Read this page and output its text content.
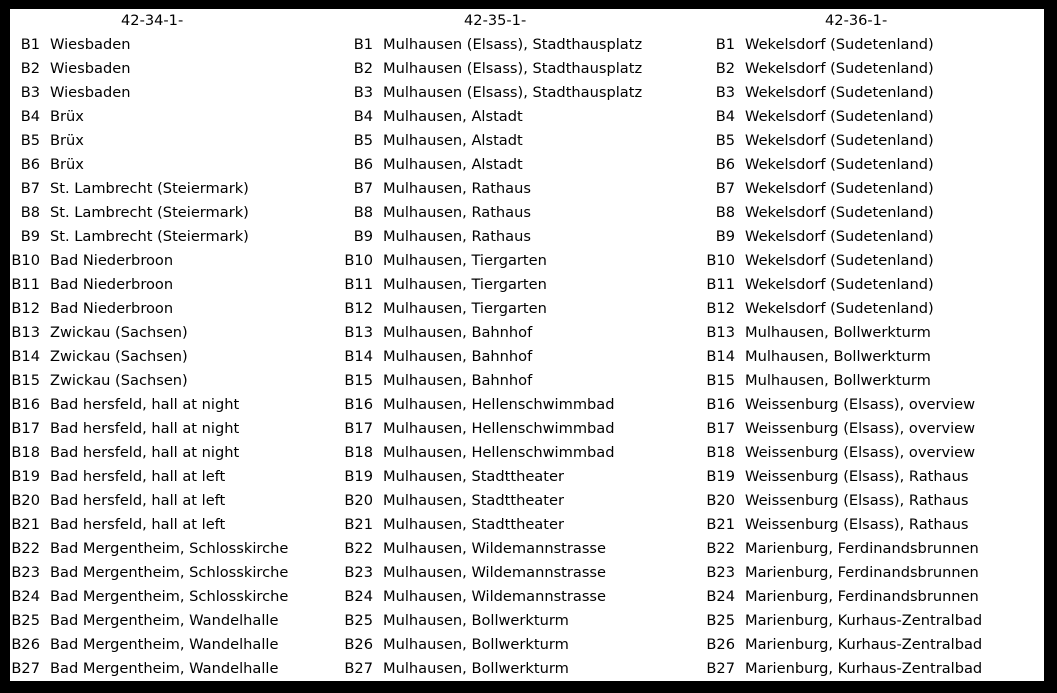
42-34-1-
B1 Wiesbaden
B2 Wiesbaden
B3 Wiesbaden
B4 Brüx
B5 Brüx
B6 Brüx
B7 St. Lambrecht (Steiermark)
B8 St. Lambrecht (Steiermark)
B9 St. Lambrecht (Steiermark)
B10 Bad Niederbroon
B11 Bad Niederbroon
B12 Bad Niederbroon
B13 Zwickau (Sachsen)
B14 Zwickau (Sachsen)
B15 Zwickau (Sachsen)
B16 Bad hersfeld, hall at night
B17 Bad hersfeld, hall at night
B18 Bad hersfeld, hall at night
B19 Bad hersfeld, hall at left
B20 Bad hersfeld, hall at left
B21 Bad hersfeld, hall at left
B22 Bad Mergentheim, Schlosskirche
B23 Bad Mergentheim, Schlosskirche
B24 Bad Mergentheim, Schlosskirche
B25 Bad Mergentheim, Wandelhalle
B26 Bad Mergentheim, Wandelhalle
B27 Bad Mergentheim, Wandelhalle
42-35-1-
B1 Mulhausen (Elsass), Stadthausplatz
B2 Mulhausen (Elsass), Stadthausplatz
B3 Mulhausen (Elsass), Stadthausplatz
B4 Mulhausen, Alstadt
B5 Mulhausen, Alstadt
B6 Mulhausen, Alstadt
B7 Mulhausen, Rathaus
B8 Mulhausen, Rathaus
B9 Mulhausen, Rathaus
B10 Mulhausen, Tiergarten
B11 Mulhausen, Tiergarten
B12 Mulhausen, Tiergarten
B13 Mulhausen, Bahnhof
B14 Mulhausen, Bahnhof
B15 Mulhausen, Bahnhof
B16 Mulhausen, Hellenschwimmbad
B17 Mulhausen, Hellenschwimmbad
B18 Mulhausen, Hellenschwimmbad
B19 Mulhausen, Stadttheater
B20 Mulhausen, Stadttheater
B21 Mulhausen, Stadttheater
B22 Mulhausen, Wildemannstrasse
B23 Mulhausen, Wildemannstrasse
B24 Mulhausen, Wildemannstrasse
B25 Mulhausen, Bollwerkturm
B26 Mulhausen, Bollwerkturm
B27 Mulhausen, Bollwerkturm
42-36-1-
B1 Wekelsdorf (Sudetenland)
B2 Wekelsdorf (Sudetenland)
B3 Wekelsdorf (Sudetenland)
B4 Wekelsdorf (Sudetenland)
B5 Wekelsdorf (Sudetenland)
B6 Wekelsdorf (Sudetenland)
B7 Wekelsdorf (Sudetenland)
B8 Wekelsdorf (Sudetenland)
B9 Wekelsdorf (Sudetenland)
B10 Wekelsdorf (Sudetenland)
B11 Wekelsdorf (Sudetenland)
B12 Wekelsdorf (Sudetenland)
B13 Mulhausen, Bollwerkturm
B14 Mulhausen, Bollwerkturm
B15 Mulhausen, Bollwerkturm
B16 Weissenburg (Elsass), overview
B17 Weissenburg (Elsass), overview
B18 Weissenburg (Elsass), overview
B19 Weissenburg (Elsass), Rathaus
B20 Weissenburg (Elsass), Rathaus
B21 Weissenburg (Elsass), Rathaus
B22 Marienburg, Ferdinandsbrunnen
B23 Marienburg, Ferdinandsbrunnen
B24 Marienburg, Ferdinandsbrunnen
B25 Marienburg, Kurhaus-Zentralbad
B26 Marienburg, Kurhaus-Zentralbad
B27 Marienburg, Kurhaus-Zentralbad
